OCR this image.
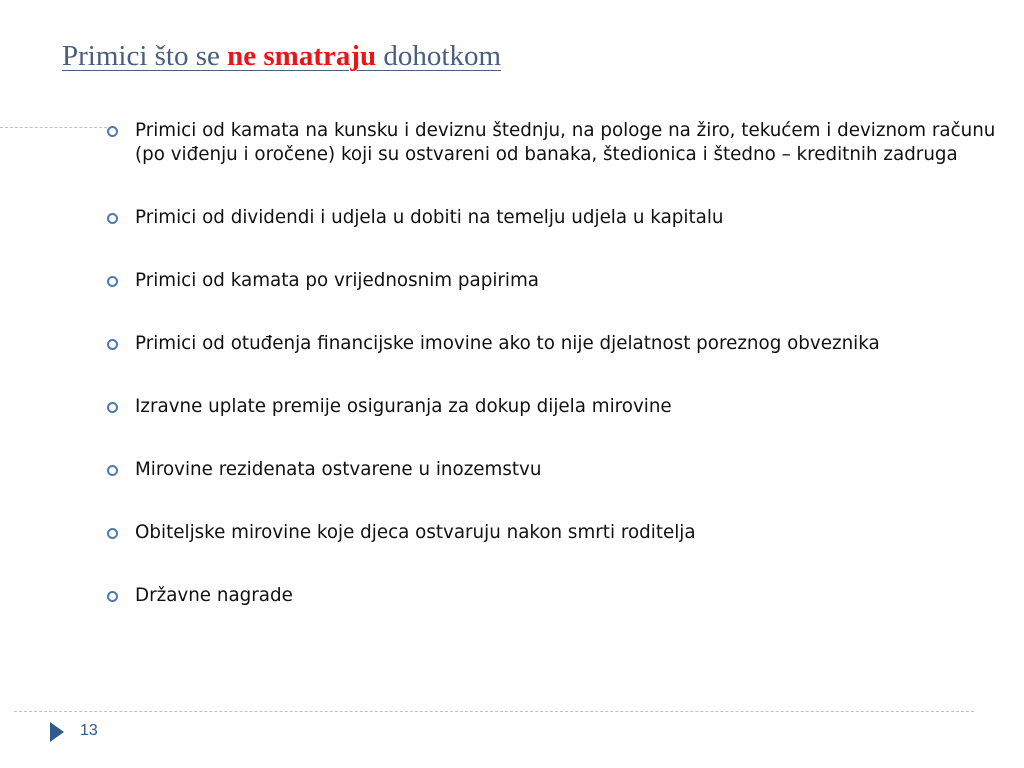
Primici što se ne smatraju dohotkom
Primici od kamata na kunsku i deviznu štednju, na pologe na žiro, tekućem i deviznom računu (po viđenju i oročene) koji su ostvareni od banaka, štedionica i štedno – kreditnih zadruga
Primici od dividendi i udjela u dobiti na temelju udjela u kapitalu
Primici od kamata po vrijednosnim papirima
Primici od otuđenja financijske imovine ako to nije djelatnost poreznog obveznika
Izravne uplate premije osiguranja za dokup dijela mirovine
Mirovine rezidenata ostvarene u inozemstvu
Obiteljske mirovine koje djeca ostvaruju nakon smrti roditelja
Državne nagrade
13
